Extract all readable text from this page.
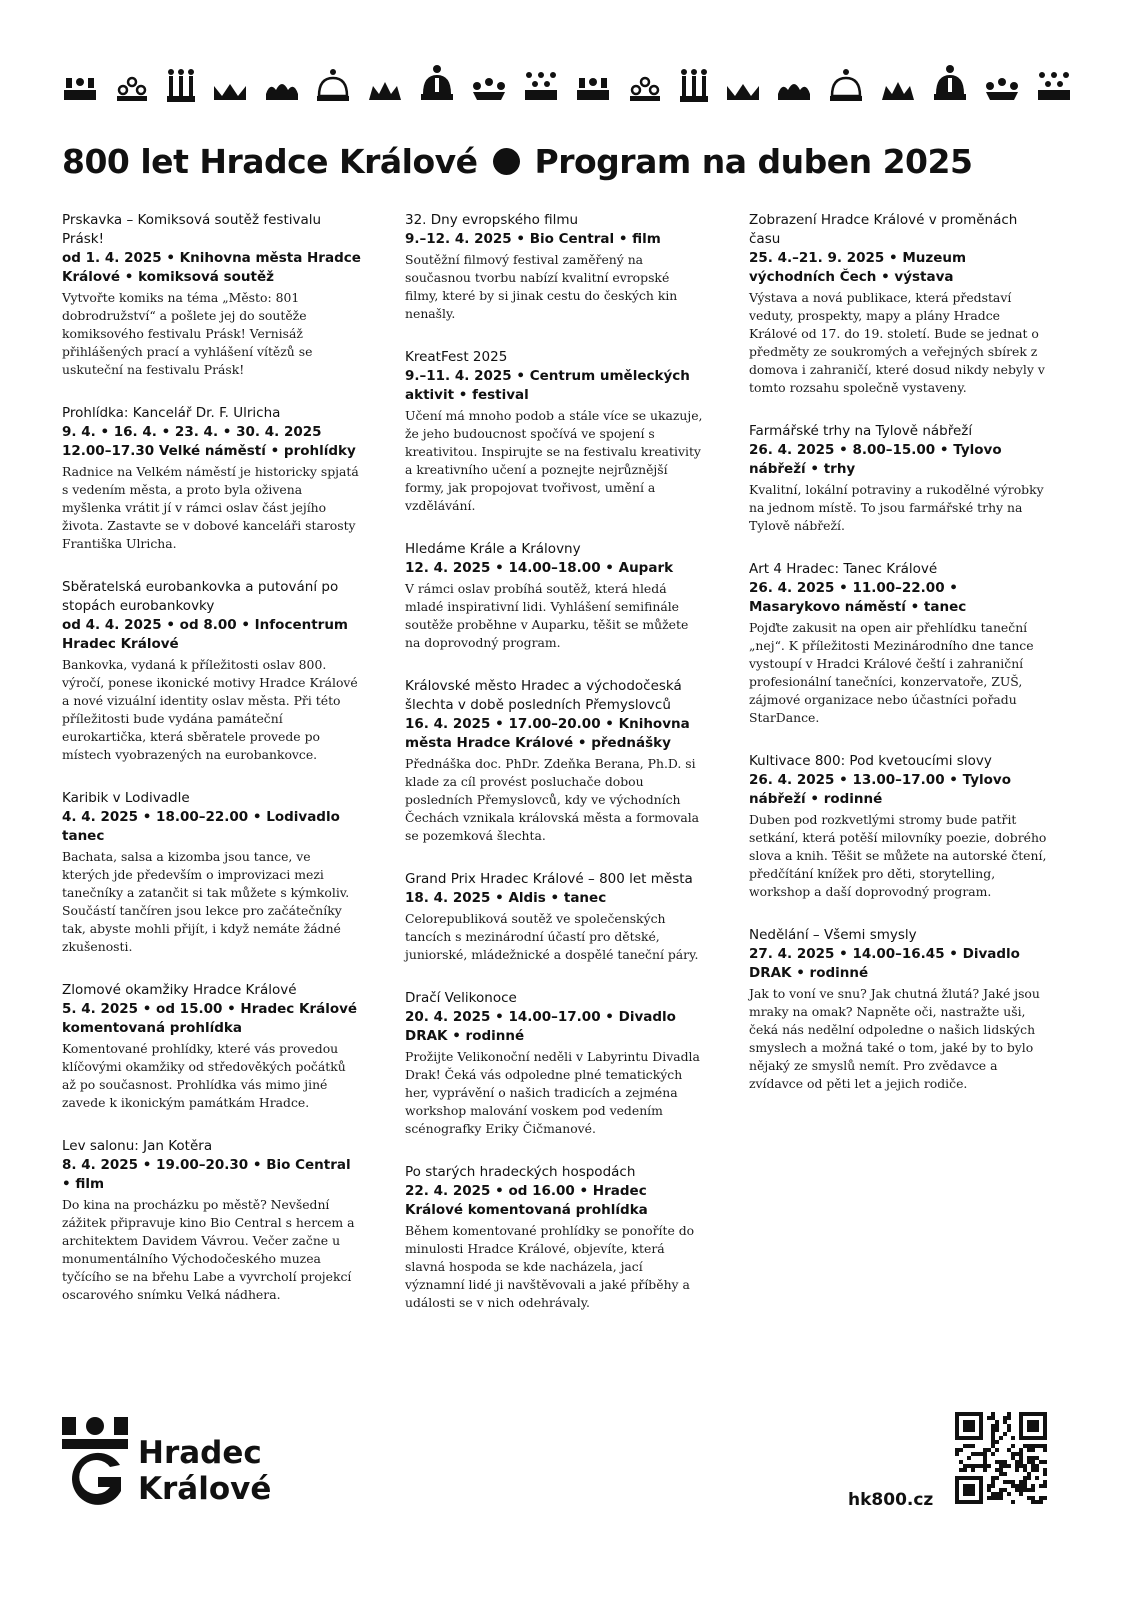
800 let Hradce Králové Program na duben 2025
Prskavka – Komiksová soutěž festivalu Prásk!
od 1. 4. 2025 • Knihovna města Hradce Králové • komiksová soutěž
Vytvořte komiks na téma „Město: 801 dobrodružství“ a pošlete jej do soutěže komiksového festivalu Prásk! Vernisáž přihlášených prací a vyhlášení vítězů se uskuteční na festivalu Prásk!
Prohlídka: Kancelář Dr. F. Ulricha
9. 4. • 16. 4. • 23. 4. • 30. 4. 2025 12.00–17.30 Velké náměstí • prohlídky
Radnice na Velkém náměstí je historicky spjatá s vedením města, a proto byla oživena myšlenka vrátit jí v rámci oslav část jejího života. Zastavte se v dobové kanceláři starosty Františka Ulricha.
Sběratelská eurobankovka a putování po stopách eurobankovky
od 4. 4. 2025 • od 8.00 • Infocentrum Hradec Králové
Bankovka, vydaná k příležitosti oslav 800. výročí, ponese ikonické motivy Hradce Králové a nové vizuální identity oslav města. Při této příležitosti bude vydána památeční eurokartička, která sběratele provede po místech vyobrazených na eurobankovce.
Karibik v Lodivadle
4. 4. 2025 • 18.00–22.00 • Lodivadlo tanec
Bachata, salsa a kizomba jsou tance, ve kterých jde především o improvizaci mezi tanečníky a zatančit si tak můžete s kýmkoliv. Součástí tančíren jsou lekce pro začátečníky tak, abyste mohli přijít, i když nemáte žádné zkušenosti.
Zlomové okamžiky Hradce Králové
5. 4. 2025 • od 15.00 • Hradec Králové komentovaná prohlídka
Komentované prohlídky, které vás provedou klíčovými okamžiky od středověkých počátků až po současnost. Prohlídka vás mimo jiné zavede k ikonickým památkám Hradce.
Lev salonu: Jan Kotěra
8. 4. 2025 • 19.00–20.30 • Bio Central • film
Do kina na procházku po městě? Nevšední zážitek připravuje kino Bio Central s hercem a architektem Davidem Vávrou. Večer začne u monumentálního Východočeského muzea tyčícího se na břehu Labe a vyvrcholí projekcí oscarového snímku Velká nádhera.
32. Dny evropského filmu
9.–12. 4. 2025 • Bio Central • film
Soutěžní filmový festival zaměřený na současnou tvorbu nabízí kvalitní evropské filmy, které by si jinak cestu do českých kin nenašly.
KreatFest 2025
9.–11. 4. 2025 • Centrum uměleckých aktivit • festival
Učení má mnoho podob a stále více se ukazuje, že jeho budoucnost spočívá ve spojení s kreativitou. Inspirujte se na festivalu kreativity a kreativního učení a poznejte nejrůznější formy, jak propojovat tvořivost, umění a vzdělávání.
Hledáme Krále a Královny
12. 4. 2025 • 14.00–18.00 • Aupark
V rámci oslav probíhá soutěž, která hledá mladé inspirativní lidi. Vyhlášení semifinále soutěže proběhne v Auparku, těšit se můžete na doprovodný program.
Královské město Hradec a východočeská šlechta v době posledních Přemyslovců
16. 4. 2025 • 17.00–20.00 • Knihovna města Hradce Králové • přednášky
Přednáška doc. PhDr. Zdeňka Berana, Ph.D. si klade za cíl provést posluchače dobou posledních Přemyslovců, kdy ve východních Čechách vznikala královská města a formovala se pozemková šlechta.
Grand Prix Hradec Králové – 800 let města
18. 4. 2025 • Aldis • tanec
Celorepubliková soutěž ve společenských tancích s mezinárodní účastí pro dětské, juniorské, mládežnické a dospělé taneční páry.
Dračí Velikonoce
20. 4. 2025 • 14.00–17.00 • Divadlo DRAK • rodinné
Prožijte Velikonoční neděli v Labyrintu Divadla Drak! Čeká vás odpoledne plné tematických her, vyprávění o našich tradicích a zejména workshop malování voskem pod vedením scénografky Eriky Čičmanové.
Po starých hradeckých hospodách
22. 4. 2025 • od 16.00 • Hradec Králové komentovaná prohlídka
Během komentované prohlídky se ponoříte do minulosti Hradce Králové, objevíte, která slavná hospoda se kde nacházela, jací významní lidé ji navštěvovali a jaké příběhy a události se v nich odehrávaly.
Zobrazení Hradce Králové v proměnách času
25. 4.–21. 9. 2025 • Muzeum východních Čech • výstava
Výstava a nová publikace, která představí veduty, prospekty, mapy a plány Hradce Králové od 17. do 19. století. Bude se jednat o předměty ze soukromých a veřejných sbírek z domova i zahraničí, které dosud nikdy nebyly v tomto rozsahu společně vystaveny.
Farmářské trhy na Tylově nábřeží
26. 4. 2025 • 8.00–15.00 • Tylovo nábřeží • trhy
Kvalitní, lokální potraviny a rukodělné výrobky na jednom místě. To jsou farmářské trhy na Tylově nábřeží.
Art 4 Hradec: Tanec Králové
26. 4. 2025 • 11.00–22.00 • Masarykovo náměstí • tanec
Pojďte zakusit na open air přehlídku taneční „nej“. K příležitosti Mezinárodního dne tance vystoupí v Hradci Králové čeští i zahraniční profesionální tanečníci, konzervatoře, ZUŠ, zájmové organizace nebo účastníci pořadu StarDance.
Kultivace 800: Pod kvetoucími slovy
26. 4. 2025 • 13.00–17.00 • Tylovo nábřeží • rodinné
Duben pod rozkvetlými stromy bude patřit setkání, která potěší milovníky poezie, dobrého slova a knih. Těšit se můžete na autorské čtení, předčítání knížek pro děti, storytelling, workshop a daší doprovodný program.
Nedělání – Všemi smysly
27. 4. 2025 • 14.00–16.45 • Divadlo DRAK • rodinné
Jak to voní ve snu? Jak chutná žlutá? Jaké jsou mraky na omak? Napněte oči, nastražte uši, čeká nás nedělní odpoledne o našich lidských smyslech a možná také o tom, jaké by to bylo nějaký ze smyslů nemít. Pro zvědavce a zvídavce od pěti let a jejich rodiče.
Hradec
Králové	hk800.cz
